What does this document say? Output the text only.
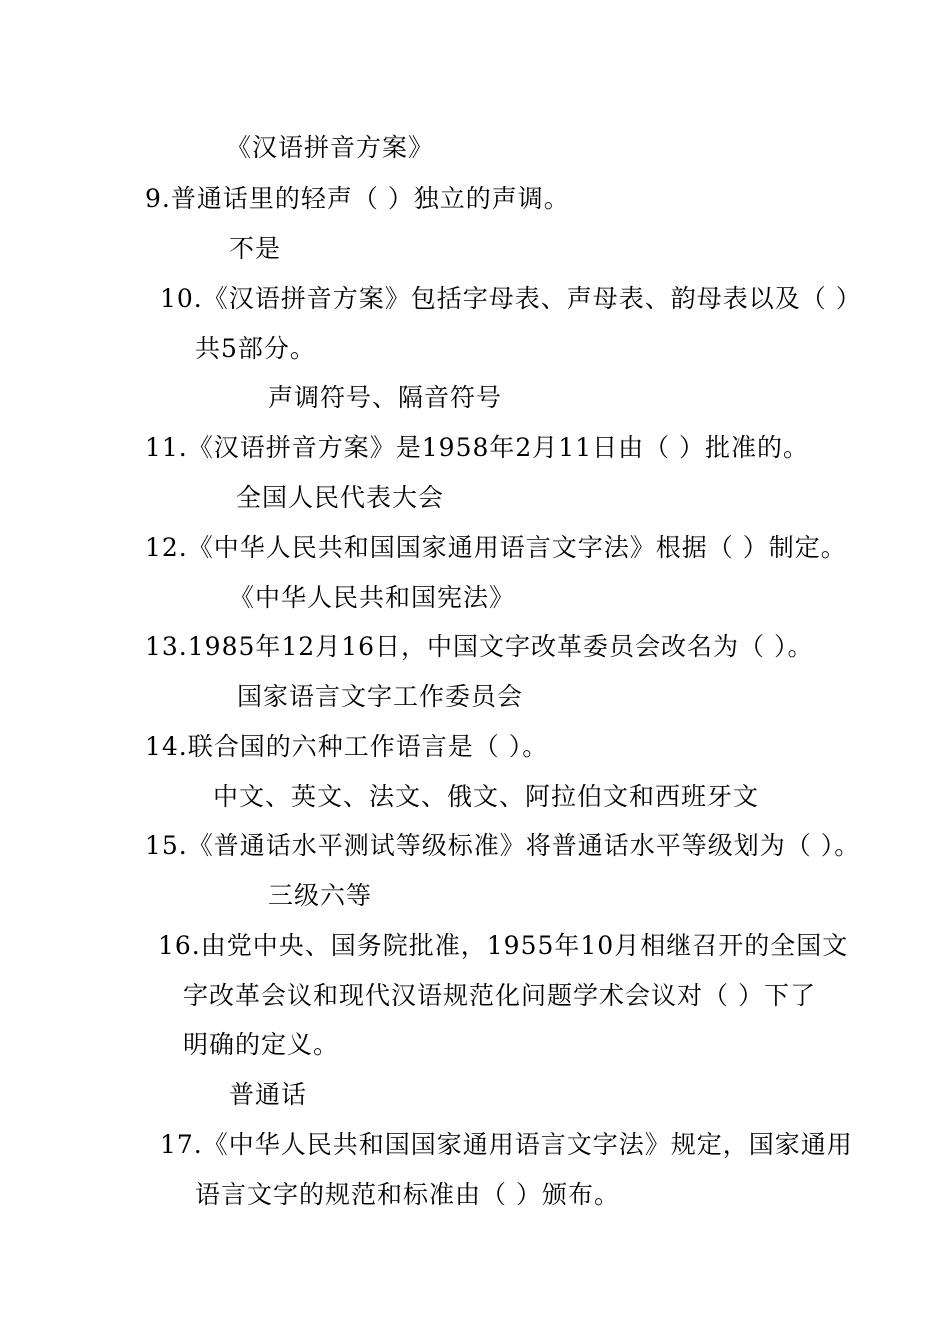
《汉语拼音方案》
9.普通话里的轻声（ ）独立的声调。
不是
10.《汉语拼音方案》包括字母表、声母表、韵母表以及（ ）
共5部分。
声调符号、隔音符号
11.《汉语拼音方案》是1958年2月11日由（ ）批准的。
全国人民代表大会
12.《中华人民共和国国家通用语言文字法》根据（ ）制定。
《中华人民共和国宪法》
13.1985年12月16日，中国文字改革委员会改名为（ ）。
国家语言文字工作委员会
14.联合国的六种工作语言是（ ）。
中文、英文、法文、俄文、阿拉伯文和西班牙文
15.《普通话水平测试等级标准》将普通话水平等级划为（ ）。
三级六等
16.由党中央、国务院批准，1955年10月相继召开的全国文
字改革会议和现代汉语规范化问题学术会议对（ ）下了
明确的定义。
普通话
17.《中华人民共和国国家通用语言文字法》规定，国家通用
语言文字的规范和标准由（ ）颁布。
